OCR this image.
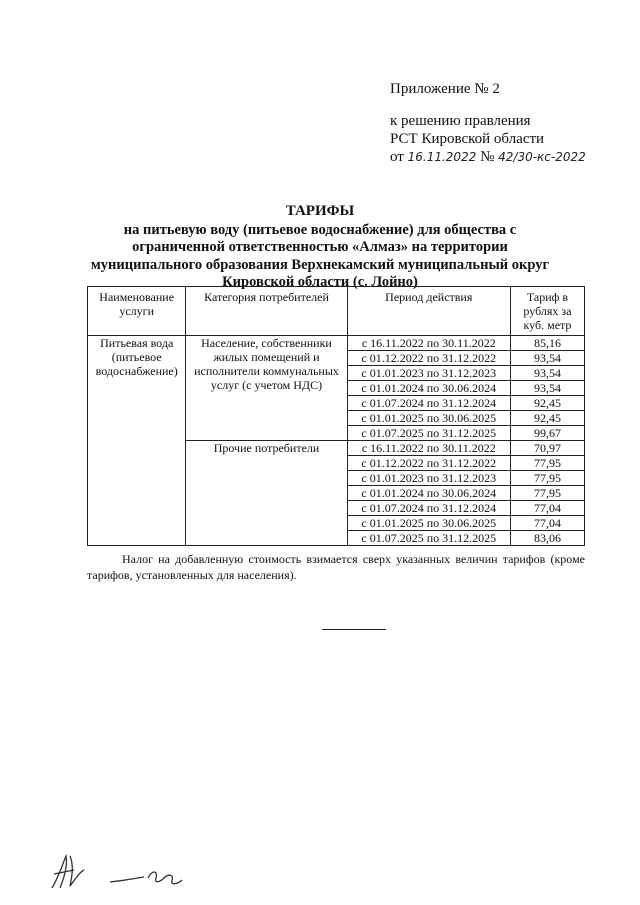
Приложение № 2
к решению правления
РСТ Кировской области
от 16.11.2022 № 42/30-кс-2022
ТАРИФЫ
на питьевую воду (питьевое водоснабжение) для общества с
ограниченной ответственностью «Алмаз» на территории
муниципального образования Верхнекамский муниципальный округ
Кировской области (с. Лойно)
Наименование услуги	Категория потребителей	Период действия	Тариф в рублях за куб. метр
Питьевая вода (питьевое водоснабжение)	Население, собственники жилых помещений и исполнители коммунальных услуг (с учетом НДС)	с 16.11.2022 по 30.11.2022	85,16
		с 01.12.2022 по 31.12.2022	93,54
		с 01.01.2023 по 31.12.2023	93,54
		с 01.01.2024 по 30.06.2024	93,54
		с 01.07.2024 по 31.12.2024	92,45
		с 01.01.2025 по 30.06.2025	92,45
		с 01.07.2025 по 31.12.2025	99,67
	Прочие потребители	с 16.11.2022 по 30.11.2022	70,97
		с 01.12.2022 по 31.12.2022	77,95
		с 01.01.2023 по 31.12.2023	77,95
		с 01.01.2024 по 30.06.2024	77,95
		с 01.07.2024 по 31.12.2024	77,04
		с 01.01.2025 по 30.06.2025	77,04
		с 01.07.2025 по 31.12.2025	83,06
Налог на добавленную стоимость взимается сверх указанных величин тарифов (кроме тарифов, установленных для населения).
